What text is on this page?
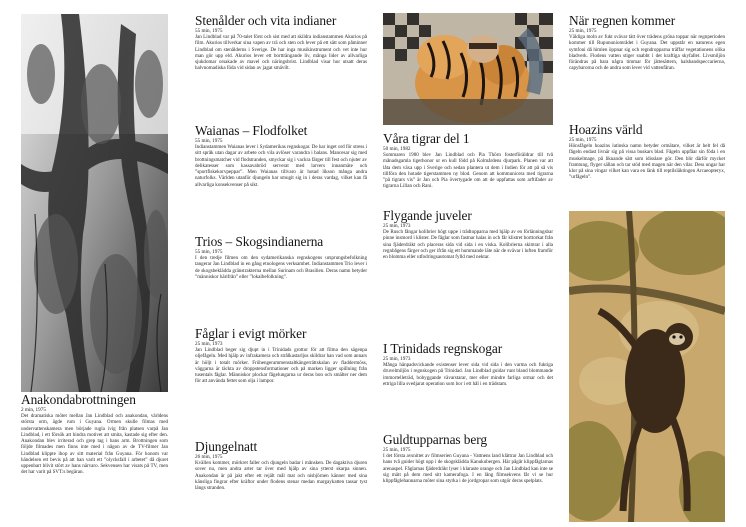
Anakondabrottningen

2 min, 1975

Det dramatiska mötet mellan Jan Lindblad och anakondan, världens största orm, ägde rum i Guyana. Ormen skulle filmas med undervattenskamera men började rugla ivig från platsen varpå Jan Lindblad, i ett försök att hindra motivet att smita, kastade sig efter den. Anakondan blev irriterad och grep tag i hans arm. Brottningen som följde filmades men finns inte med i någon av de TV-filmer Jan Lindblad klippte ihop av sitt material från Guyana. För honom var händelsen ett bevis på att han varit ett ”olycksfall i arbetet” då djuret uppenbart blivit stört av hans närvaro. Sekvensen har visats på TV, men det har varit på SVT:s begäran.

Stenålder och vita indianer

55 min, 1975

Jan Lindblad var på 70-talet först och sist med att skildra indianstammen Akurios på film. Akurios tillverkar sina vapen av trä och sten och lever på ett sätt som påminner Lindblad om stenålderns i Sverige. De har inga musikinstrument och vet inte hur man gör upp eld. Akurios lever ett bortträngande liv, många lider av allvarliga sjukdomar orsakade av mavel och näringsbrist. Lindblad visar hur utsatt deras halvnomadiska föda vid sidan av jagat smävilt.

Waianas – Flodfolket

55 min, 1975

Indianstammen Waianas lever i Sydamerikas regnskogar. De har inget ord för stress i sitt språk utan dagar av arbete och vila avlöser varandra i balans. Mancesar sig med brottningsmatcher vid flodstranden, smyckar sig i vackra färger till fest och njuter av delikatesser som kassavabröd serverat med larvers innanmäte och ”sportfiskekorvpeppar”. Men Waianas tillvaro är hotad likson många andra naturfolks. Världen utanför djungeln har smugit sig in i deras vardag, vilket kan få allvarliga konsekvenser på sikt.

Trios – Skogsindianerna

55 min, 1975

I den tredje filmen om den sydamerikanska regnskogens ursprungsbefolkning tangerar Jan Lindblad in en gång etnologens verksamhet. Indianstammen Trio lever i de skogsbeklädda gränstrakterna mellan Surinam och Brasilien. Deras namn betyder ”människor härifrån” eller ”lokalbefolkning”.

Fåglar i evigt mörker

25 min, 1973

Jan Lindblad beger sig djupt in i Trinidads grottor för att filma den sägenpa oljefågeln. Med hjälp av infrakamera och strålkastarljus skildrar han vad som annars är höljt i totalt mörker. Fröhengerammenstaltkängerrättskalan av fladdermöss, väggarna är täckta av droppstensformationer och på marken ligger spillning från tusentals fåglar. Människor plockar fågelungarna ur deras bon och smälter ner dem för att använda fettet som olja i lampor.

Djungelnatt

26 min, 1975

Kvällen kommer, mörkret faller och djungeln badar i månsken. De dagaktiva djuren sover nu, men andra arter tar över med hjälp av sina ytterst skarpa sinnen. Anakondan är på jakt efter ett rejält mål mat och nisbjörnen känner med sina känsliga fingrar efter kräftor under flodens stenar medan margaykatten tassar tyst längs stranden.

Våra tigrar del 1

50 min, 1982

Sommaren 1980 blev Jan Lindblad och Pia Thörn fosterföräldrar till två månadsgamla tigerhonor ur en kull född på Kolmårdens djurpark. Planen var att låta dem växa upp i Sverige och sedan plantera ut dem i Indien för att på så vis tillföra den hotade tigerstammen ny blod. Genom att kommunicera med tigrarna ”på tigrars vis” är Jan och Pia övertygade om att de uppfattas som arftifader av tigrarna Lillan och Rani.

Flygande juveler

25 min, 1973

De Rusch fångar kolibrier högt uppe i trädtopparna med hjälp av en förlänningsbar pinne insmord i klister. De fåglar som fastnar halas in och får klistret borttorkat från sina fjäderdräkt och placeras sida vid sida i en viska. Kolibrierna skimrar i alla regnbågens färger och ger ifrån sig ett hummande läte när de svävar i luften framför en blomma eller utfodringsautomat fylld med nektar.

I Trinidads regnskogar

25 min, 1973

Många hänpadsvickande existenser lever sida vid sida i den varma och fuktiga druvelmiljön i regnskogen på Trinidad. Jan Lindblad guidar runt bland blommande immortelleträd, bobyggande vävarstarar, mer eller mindre farliga ormar och det ettriga lilla svedjarat operation som bor i ett hål i en trädstam.

Guldtupparnas berg

25 min, 1975

I det första avsnittet av filmserien Guyana - Vattnens land klättrar Jan Lindblad och hans två guider högt upp i de skogsklädda Kanukubergen. Här pågår klippfåglarnas arenaspel. Fåglarnas fjäderdräkt lyser i klaraste orange och Jan Lindblad kan inte se sig mätt på dem med sitt kamerafoga. I en lång filmsekvens får vi se hur klippfåglehannarna möter sina styrka i de jordgropar som utgör deras spelplats.

När regnen kommer

25 min, 1975

Väldiga moln av fukt svävar tätt över trädens gröna toppar när regnperioden kommer till Rupununiområdet i Guyana. Det uppstår en naturens egen symfoni då himlen öppnar sig och regndropparna träffar vegetationens olika bladverk. Flodens vatten stiger snabbt i det kraftiga skyfallet. Livsmiljön förändras på bara några timmar för jättesättern, halsbandspeccarierna, capybarorna och de andra som lever vid vattenfåran.

Hoazins värld

25 min, 1975

Hönsfågeln hoazins latinska namn betyder ormätare, vilket är helt fel då fågeln endast livnär sig på vissa buskars blad. Fågeln uppfåar sin föda i en muskelmage, på liknande sätt som idisslare gör. Den blir därför mycket framtung, flyger sällan och tar stöd med magen när den vilar. Dess ungar har klor på sina vingar vilket kan vara en länk till reptilsläktingen Arcaeopteryx, ”urfågeln”.
